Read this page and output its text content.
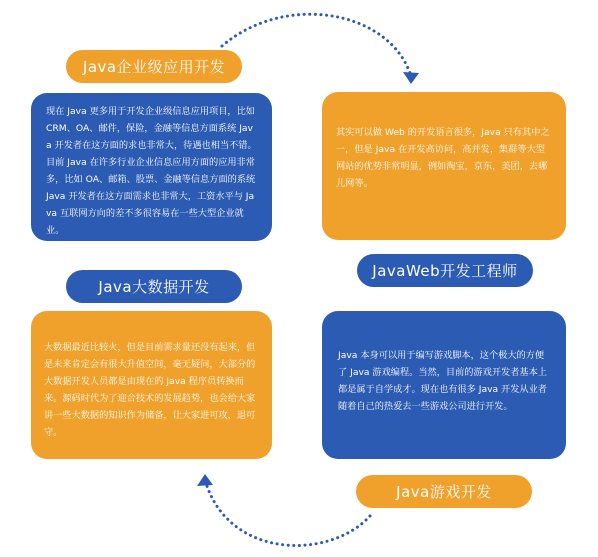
Java企业级应用开发

现在 Java 更多用于开发企业级信息应用项目，比如 CRM、OA、邮件，保险，金融等信息方面系统 Java 开发者在这方面的求也非常大，待遇也相当不错。目前 Java 在许多行业企业信息应用方面的应用非常多，比如 OA、邮箱、股票、金融等信息方面的系统 Java 开发者在这方面需求也非常大，工资水平与 Java 互联网方向的差不多很容易在一些大型企业就业。

其实可以做 Web 的开发语言很多，Java 只有其中之一，但是 Java 在开发高访问，高并发，集群等大型网站的优势非常明显，例如淘宝，京东，美团，去哪儿网等。

JavaWeb开发工程师
Java大数据开发

大数据最近比较火，但是目前需求量还没有起来，但是未来肯定会有很大升值空间，毫无疑问，大部分的大数据开发人员都是由现在的 Java 程序员转换而来。源码时代为了迎合技术的发展趋势，也会给大家讲一些大数据的知识作为储备，让大家进可攻，退可守。

Java 本身可以用于编写游戏脚本，这个极大的方便了 Java 游戏编程。当然，目前的游戏开发者基本上都是属于自学成才。现在也有很多 Java 开发从业者随着自己的热爱去一些游戏公司进行开发。

Java游戏开发
